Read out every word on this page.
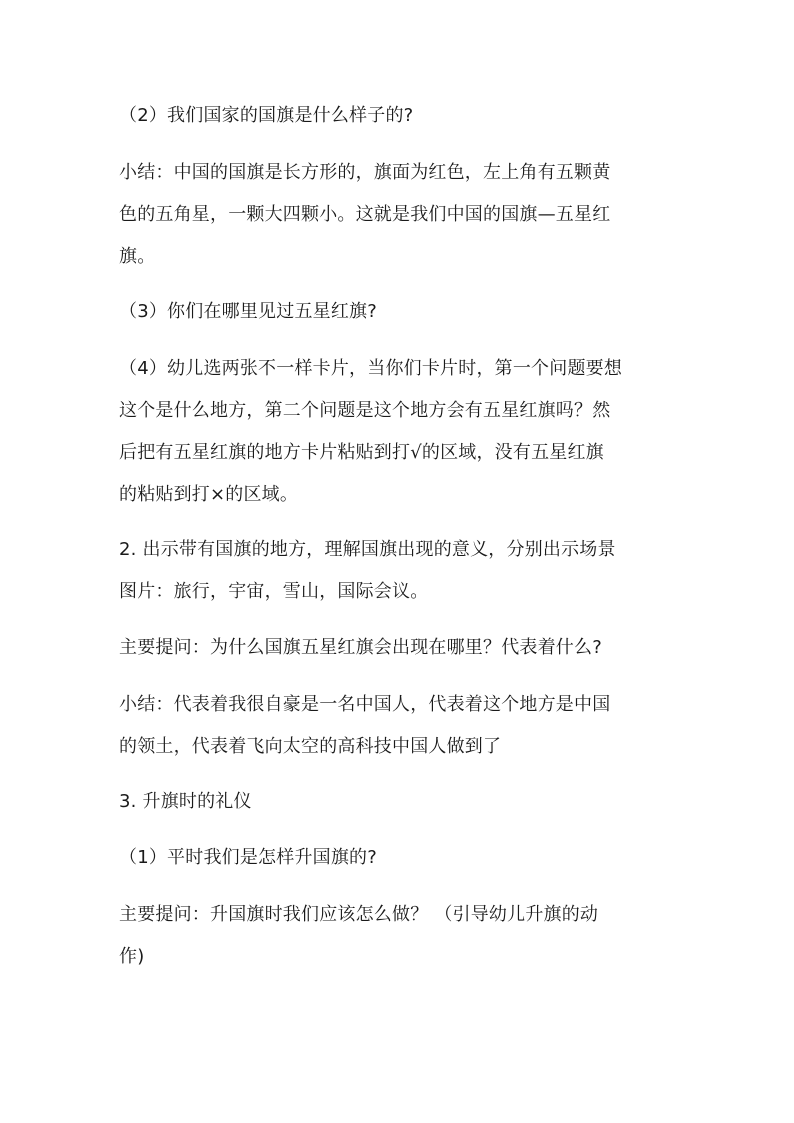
（2）我们国家的国旗是什么样子的?
小结：中国的国旗是长方形的，旗面为红色，左上角有五颗黄
色的五角星，一颗大四颗小。这就是我们中国的国旗—五星红
旗。
（3）你们在哪里见过五星红旗?
（4）幼儿选两张不一样卡片，当你们卡片时，第一个问题要想
这个是什么地方，第二个问题是这个地方会有五星红旗吗？然
后把有五星红旗的地方卡片粘贴到打√的区域，没有五星红旗
的粘贴到打×的区域。
2. 出示带有国旗的地方，理解国旗出现的意义，分别出示场景
图片：旅行，宇宙，雪山，国际会议。
主要提问：为什么国旗五星红旗会出现在哪里？代表着什么?
小结：代表着我很自豪是一名中国人，代表着这个地方是中国
的领土，代表着飞向太空的高科技中国人做到了
3. 升旗时的礼仪
（1）平时我们是怎样升国旗的?
主要提问：升国旗时我们应该怎么做？ （引导幼儿升旗的动
作)
